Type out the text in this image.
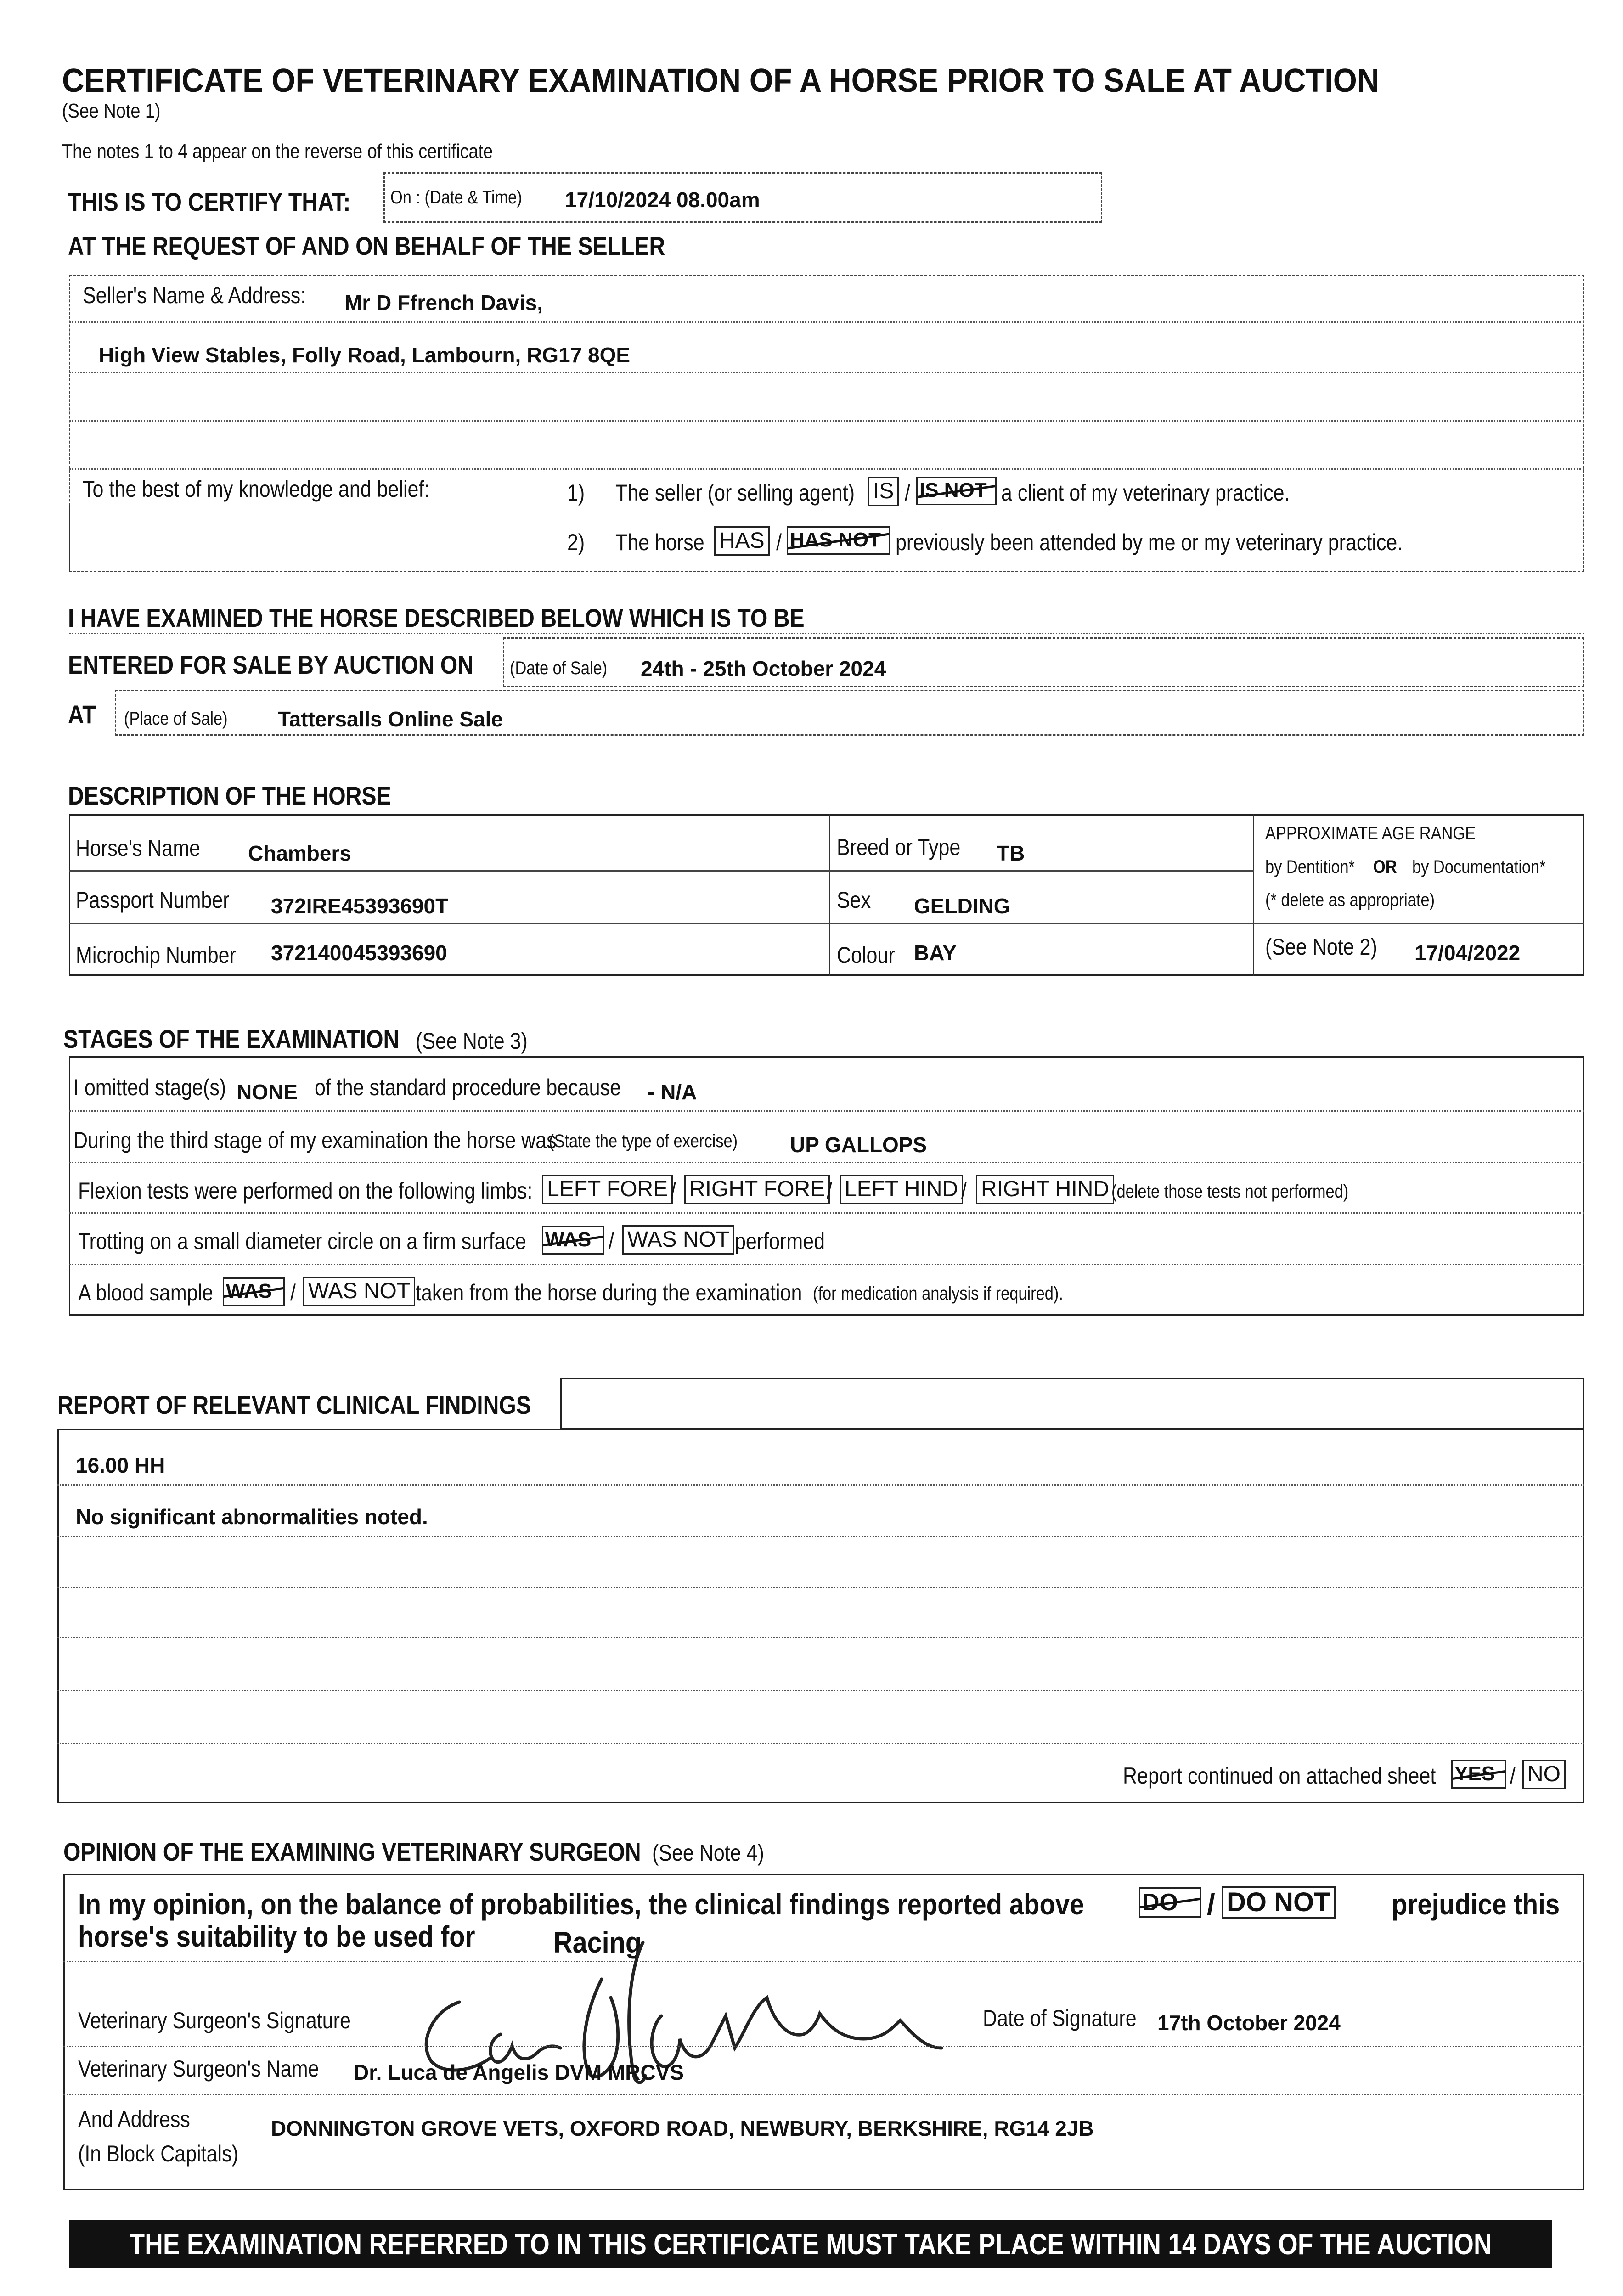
CERTIFICATE OF VETERINARY EXAMINATION OF A HORSE PRIOR TO SALE AT AUCTION
(See Note 1)
The notes 1 to 4 appear on the reverse of this certificate
THIS IS TO CERTIFY THAT: On : (Date & Time) 17/10/2024 08.00am
AT THE REQUEST OF AND ON BEHALF OF THE SELLER
Seller's Name & Address: Mr D Ffrench Davis,
High View Stables, Folly Road, Lambourn, RG17 8QE
To the best of my knowledge and belief:	1) The seller (or selling agent) IS / IS NOT a client of my veterinary practice.
2) The horse HAS / HAS NOT previously been attended by me or my veterinary practice.
I HAVE EXAMINED THE HORSE DESCRIBED BELOW WHICH IS TO BE
ENTERED FOR SALE BY AUCTION ON (Date of Sale) 24th - 25th October 2024
AT (Place of Sale) Tattersalls Online Sale
DESCRIPTION OF THE HORSE
Horse's Name Chambers
Passport Number 372IRE45393690T
Microchip Number 372140045393690
Breed or Type TB
Sex GELDING
Colour BAY
APPROXIMATE AGE RANGE
by Dentition* OR by Documentation*
(* delete as appropriate)
(See Note 2) 17/04/2022
STAGES OF THE EXAMINATION (See Note 3)
I omitted stage(s) NONE of the standard procedure because - N/A
During the third stage of my examination the horse was
(State the type of exercise) UP GALLOPS
Flexion tests were performed on the following limbs: LEFT FORE / RIGHT FORE / LEFT HIND / RIGHT HIND (delete those tests not performed)
Trotting on a small diameter circle on a firm surface WAS / WAS NOT performed
A blood sample WAS / WAS NOT taken from the horse during the examination (for medication analysis if required).
REPORT OF RELEVANT CLINICAL FINDINGS
16.00 HH
No significant abnormalities noted.
Report continued on attached sheet YES / NO
OPINION OF THE EXAMINING VETERINARY SURGEON (See Note 4)
In my opinion, on the balance of probabilities, the clinical findings reported above DO / DO NOT prejudice this
horse's suitability to be used for	Racing
Veterinary Surgeon's Signature	Date of Signature 17th October 2024
Veterinary Surgeon's Name Dr. Luca de Angelis DVM MRCVS
And Address
(In Block Capitals)
DONNINGTON GROVE VETS, OXFORD ROAD, NEWBURY, BERKSHIRE, RG14 2JB
THE EXAMINATION REFERRED TO IN THIS CERTIFICATE MUST TAKE PLACE WITHIN 14 DAYS OF THE AUCTION
